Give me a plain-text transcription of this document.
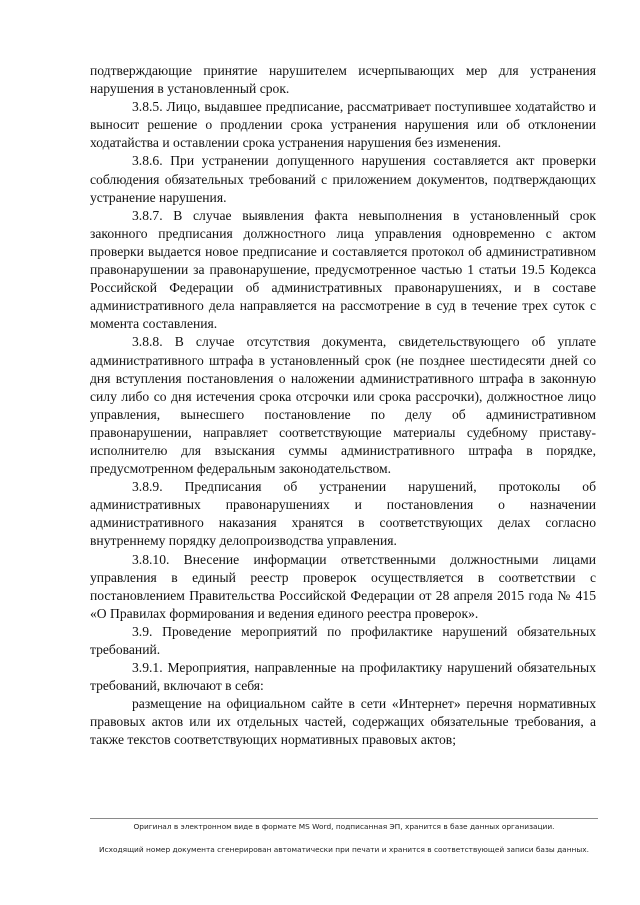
подтверждающие принятие нарушителем исчерпывающих мер для устранения нарушения в установленный срок.

3.8.5. Лицо, выдавшее предписание, рассматривает поступившее ходатайство и выносит решение о продлении срока устранения нарушения или об отклонении ходатайства и оставлении срока устранения нарушения без изменения.

3.8.6. При устранении допущенного нарушения составляется акт проверки соблюдения обязательных требований с приложением документов, подтверждающих устранение нарушения.

3.8.7. В случае выявления факта невыполнения в установленный срок законного предписания должностного лица управления одновременно с актом проверки выдается новое предписание и составляется протокол об административном правонарушении за правонарушение, предусмотренное частью 1 статьи 19.5 Кодекса Российской Федерации об административных правонарушениях, и в составе административного дела направляется на рассмотрение в суд в течение трех суток с момента составления.

3.8.8. В случае отсутствия документа, свидетельствующего об уплате административного штрафа в установленный срок (не позднее шестидесяти дней со дня вступления постановления о наложении административного штрафа в законную силу либо со дня истечения срока отсрочки или срока рассрочки), должностное лицо управления, вынесшего постановление по делу об административном правонарушении, направляет соответствующие материалы судебному приставу-исполнителю для взыскания суммы административного штрафа в порядке, предусмотренном федеральным законодательством.

3.8.9. Предписания об устранении нарушений, протоколы об административных правонарушениях и постановления о назначении административного наказания хранятся в соответствующих делах согласно внутреннему порядку делопроизводства управления.

3.8.10. Внесение информации ответственными должностными лицами управления в единый реестр проверок осуществляется в соответствии с постановлением Правительства Российской Федерации от 28 апреля 2015 года № 415 «О Правилах формирования и ведения единого реестра проверок».

3.9. Проведение мероприятий по профилактике нарушений обязательных требований.

3.9.1. Мероприятия, направленные на профилактику нарушений обязательных требований, включают в себя:

размещение на официальном сайте в сети «Интернет» перечня нормативных правовых актов или их отдельных частей, содержащих обязательные требования, а также текстов соответствующих нормативных правовых актов;

Оригинал в электронном виде в формате MS Word, подписанная ЭП, хранится в базе данных организации.
Исходящий номер документа сгенерирован автоматически при печати и хранится в соответствующей записи базы данных.
